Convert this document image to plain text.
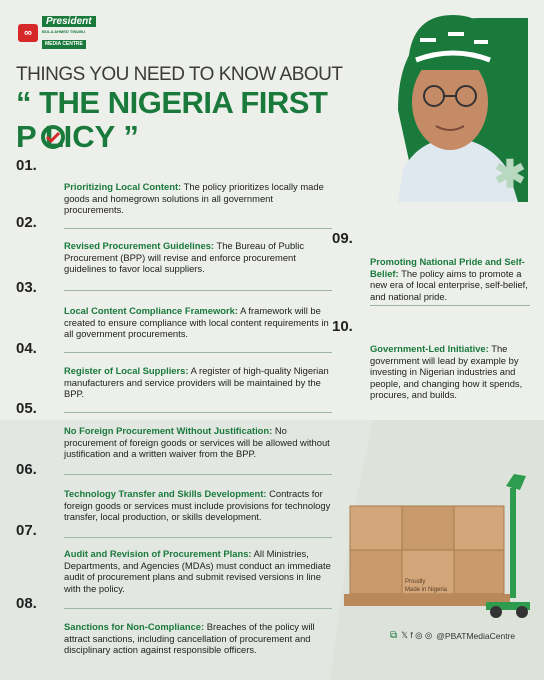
∞
President
BOLA AHMED TINUBU
MEDIA CENTRE
THINGS YOU NEED TO KNOW ABOUT
“ THE NIGERIA FIRST
P LICY ”
✱
01.
Prioritizing Local Content: The policy prioritizes locally made goods and homegrown solutions in all government procurements.
02.
Revised Procurement Guidelines: The Bureau of Public Procurement (BPP) will revise and enforce procurement guidelines to favor local suppliers.
03.
Local Content Compliance Framework: A framework will be created to ensure compliance with local content requirements in all government procurements.
04.
Register of Local Suppliers: A register of high-quality Nigerian manufacturers and service providers will be maintained by the BPP.
05.
No Foreign Procurement Without Justification: No procurement of foreign goods or services will be allowed without justification and a written waiver from the BPP.
06.
Technology Transfer and Skills Development: Contracts for foreign goods or services must include provisions for technology transfer, local production, or skills development.
07.
Audit and Revision of Procurement Plans: All Ministries, Departments, and Agencies (MDAs) must conduct an immediate audit of procurement plans and submit revised versions in line with the policy.
08.
Sanctions for Non-Compliance: Breaches of the policy will attract sanctions, including cancellation of procurement and disciplinary action against responsible officers.
09.
Promoting National Pride and Self-Belief: The policy aims to promote a new era of local enterprise, self-belief, and national pride.
10.
Government-Led Initiative: The government will lead by example by investing in Nigerian industries and people, and changing how it spends, procures, and builds.
Proudly
Made in Nigeria
⧉ 𝕏 f ◎ ◎ @PBATMediaCentre
